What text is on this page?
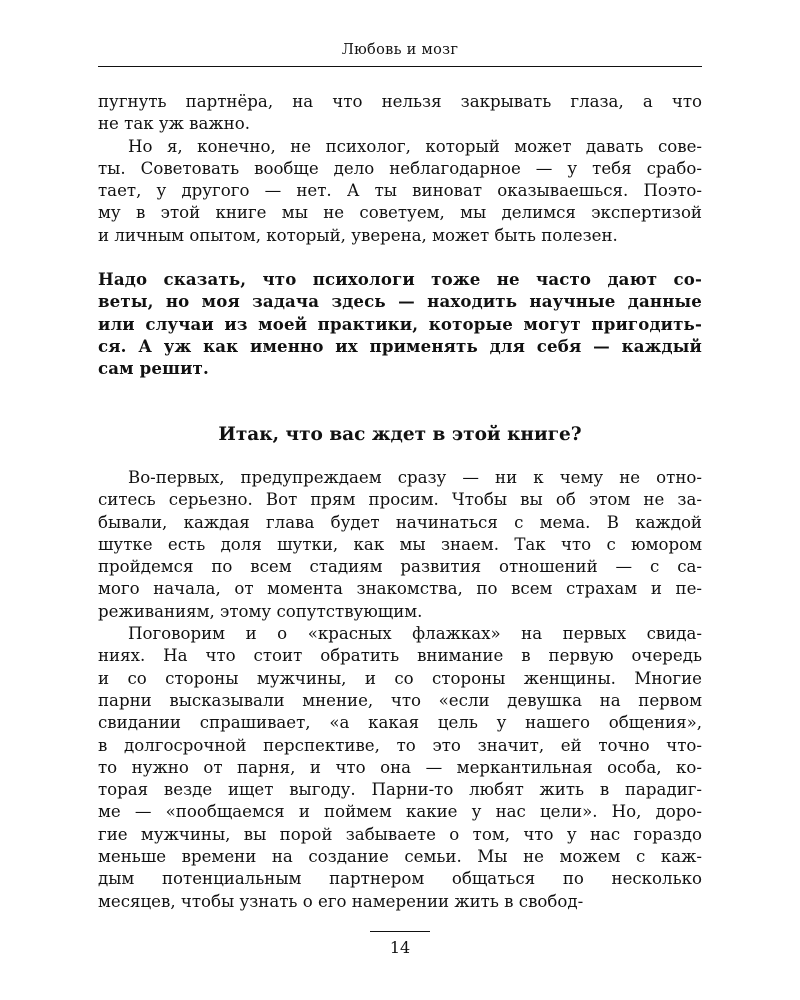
Любовь и мозг

пугнуть партнёра, на что нельзя закрывать глаза, а что
не так уж важно.

Но я, конечно, не психолог, который может давать сове-
ты. Советовать вообще дело неблагодарное — у тебя срабо-
тает, у другого — нет. А ты виноват оказываешься. Поэто-
му в этой книге мы не советуем, мы делимся экспертизой
и личным опытом, который, уверена, может быть полезен.

Надо сказать, что психологи тоже не часто дают со-
веты, но моя задача здесь — находить научные данные
или случаи из моей практики, которые могут пригодить-
ся. А уж как именно их применять для себя — каждый
сам решит.

Итак, что вас ждет в этой книге?

Во-первых, предупреждаем сразу — ни к чему не отно-
ситесь серьезно. Вот прям просим. Чтобы вы об этом не за-
бывали, каждая глава будет начинаться с мема. В каждой
шутке есть доля шутки, как мы знаем. Так что с юмором
пройдемся по всем стадиям развития отношений — с са-
мого начала, от момента знакомства, по всем страхам и пе-
реживаниям, этому сопутствующим.

Поговорим и о «красных флажках» на первых свида-
ниях. На что стоит обратить внимание в первую очередь
и со стороны мужчины, и со стороны женщины. Многие
парни высказывали мнение, что «если девушка на первом
свидании спрашивает, «а какая цель у нашего общения»,
в долгосрочной перспективе, то это значит, ей точно что-
то нужно от парня, и что она — меркантильная особа, ко-
торая везде ищет выгоду. Парни-то любят жить в парадиг-
ме — «пообщаемся и поймем какие у нас цели». Но, доро-
гие мужчины, вы порой забываете о том, что у нас гораздо
меньше времени на создание семьи. Мы не можем с каж-
дым потенциальным партнером общаться по несколько
месяцев, чтобы узнать о его намерении жить в свобод-

14
